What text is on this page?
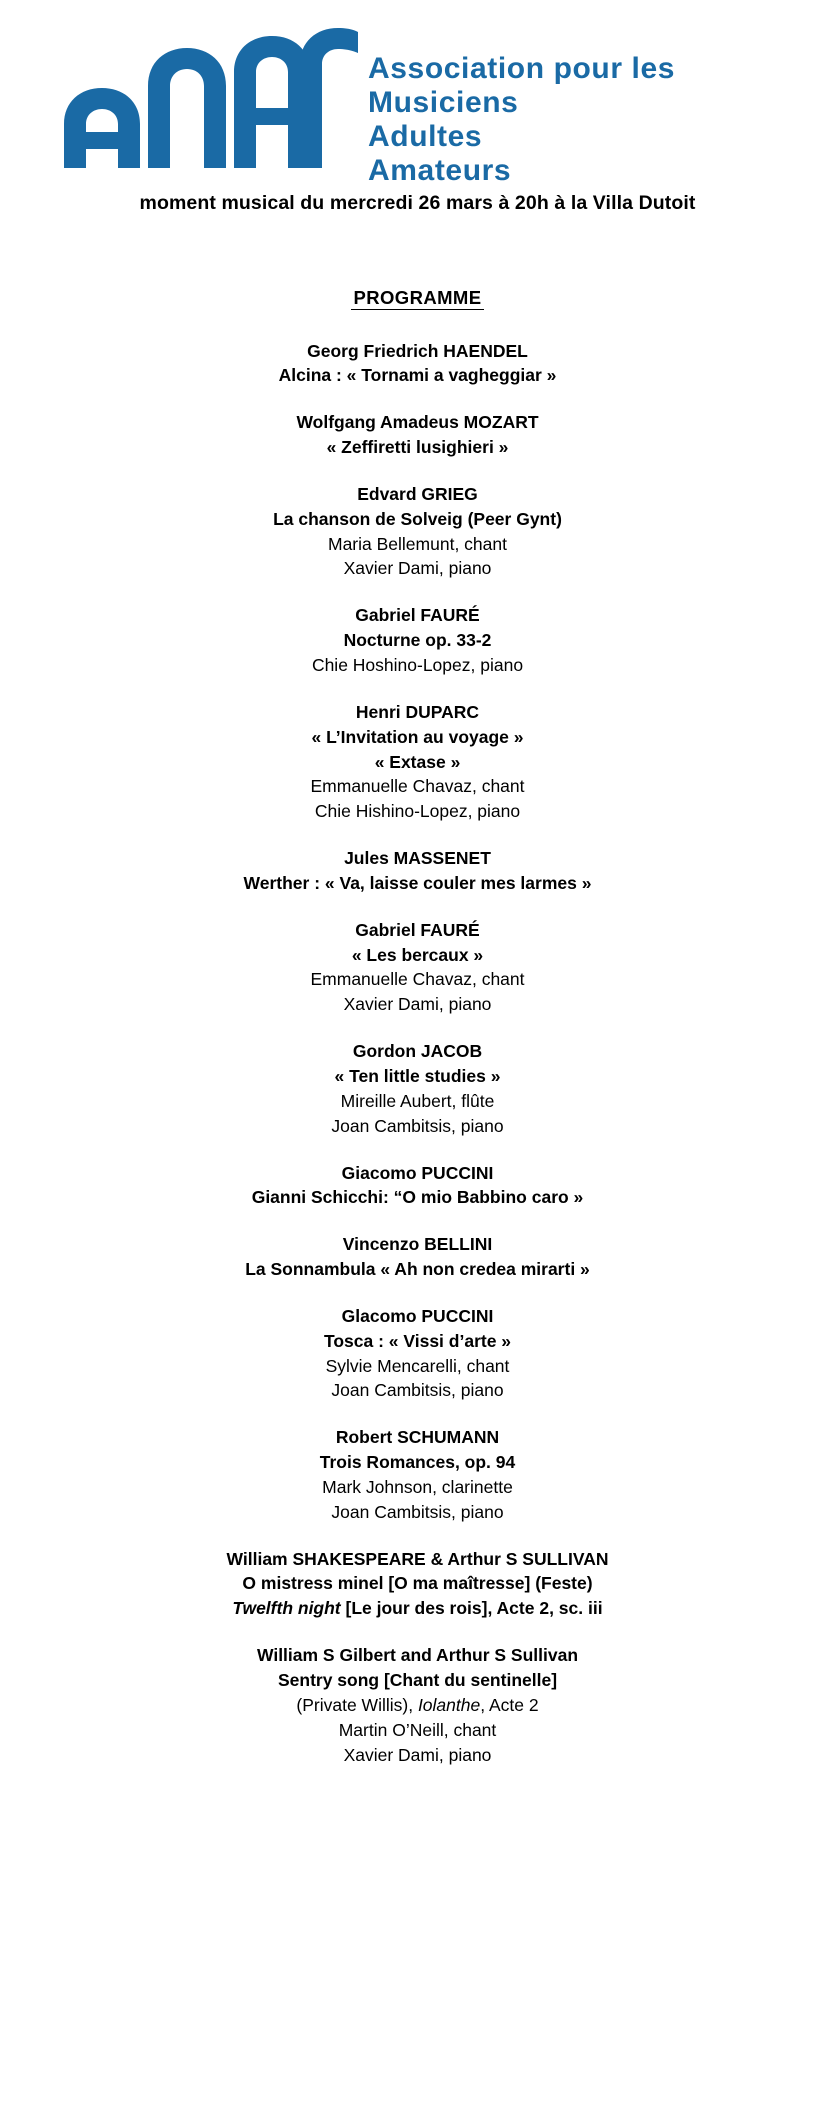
Association pour les
Musiciens
Adultes
Amateurs
moment musical du mercredi 26 mars à 20h à la Villa Dutoit
PROGRAMME
Georg Friedrich HAENDEL
Alcina : « Tornami a vagheggiar »
Wolfgang Amadeus MOZART
« Zeffiretti lusighieri »
Edvard GRIEG
La chanson de Solveig (Peer Gynt)
Maria Bellemunt, chant
Xavier Dami, piano
Gabriel FAURÉ
Nocturne op. 33-2
Chie Hoshino-Lopez, piano
Henri DUPARC
« L’Invitation au voyage »
« Extase »
Emmanuelle Chavaz, chant
Chie Hishino-Lopez, piano
Jules MASSENET
Werther : « Va, laisse couler mes larmes »
Gabriel FAURÉ
« Les bercaux »
Emmanuelle Chavaz, chant
Xavier Dami, piano
Gordon JACOB
« Ten little studies »
Mireille Aubert, flûte
Joan Cambitsis, piano
Giacomo PUCCINI
Gianni Schicchi: “O mio Babbino caro »
Vincenzo BELLINI
La Sonnambula « Ah non credea mirarti »
Glacomo PUCCINI
Tosca : « Vissi d’arte »
Sylvie Mencarelli, chant
Joan Cambitsis, piano
Robert SCHUMANN
Trois Romances, op. 94
Mark Johnson, clarinette
Joan Cambitsis, piano
William SHAKESPEARE & Arthur S SULLIVAN
O mistress minel [O ma maîtresse] (Feste)
Twelfth night [Le jour des rois], Acte 2, sc. iii
William S Gilbert and Arthur S Sullivan
Sentry song [Chant du sentinelle]
(Private Willis), Iolanthe, Acte 2
Martin O’Neill, chant
Xavier Dami, piano
